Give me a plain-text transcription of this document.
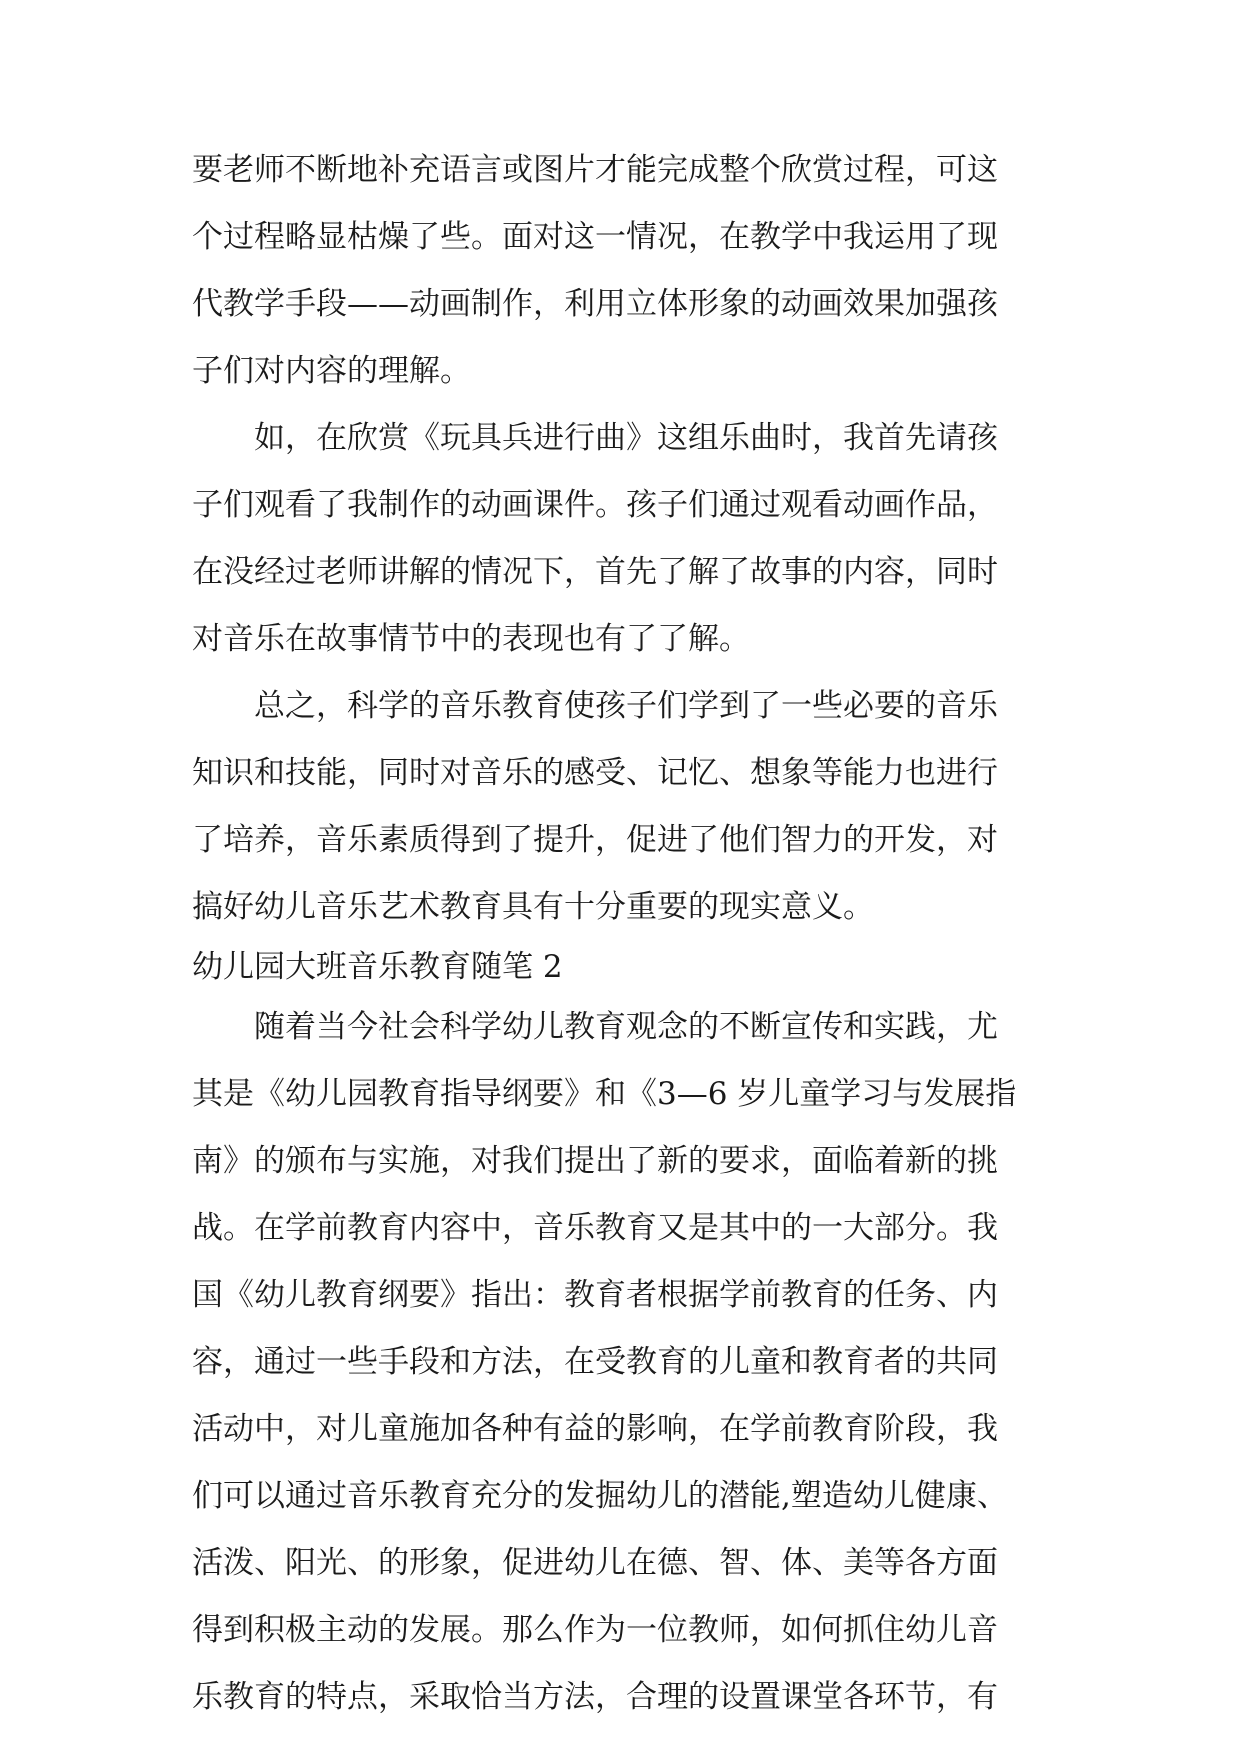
要老师不断地补充语言或图片才能完成整个欣赏过程，可这
个过程略显枯燥了些。面对这一情况，在教学中我运用了现
代教学手段——动画制作，利用立体形象的动画效果加强孩
子们对内容的理解。
　　如，在欣赏《玩具兵进行曲》这组乐曲时，我首先请孩
子们观看了我制作的动画课件。孩子们通过观看动画作品，
在没经过老师讲解的情况下，首先了解了故事的内容，同时
对音乐在故事情节中的表现也有了了解。
　　总之，科学的音乐教育使孩子们学到了一些必要的音乐
知识和技能，同时对音乐的感受、记忆、想象等能力也进行
了培养，音乐素质得到了提升，促进了他们智力的开发，对
搞好幼儿音乐艺术教育具有十分重要的现实意义。
幼儿园大班音乐教育随笔 2
　　随着当今社会科学幼儿教育观念的不断宣传和实践，尤
其是《幼儿园教育指导纲要》和《3—6 岁儿童学习与发展指
南》的颁布与实施，对我们提出了新的要求，面临着新的挑
战。在学前教育内容中，音乐教育又是其中的一大部分。我
国《幼儿教育纲要》指出：教育者根据学前教育的任务、内
容，通过一些手段和方法，在受教育的儿童和教育者的共同
活动中，对儿童施加各种有益的影响，在学前教育阶段，我
们可以通过音乐教育充分的发掘幼儿的潜能,塑造幼儿健康、
活泼、阳光、的形象，促进幼儿在德、智、体、美等各方面
得到积极主动的发展。那么作为一位教师，如何抓住幼儿音
乐教育的特点，采取恰当方法，合理的设置课堂各环节，有
